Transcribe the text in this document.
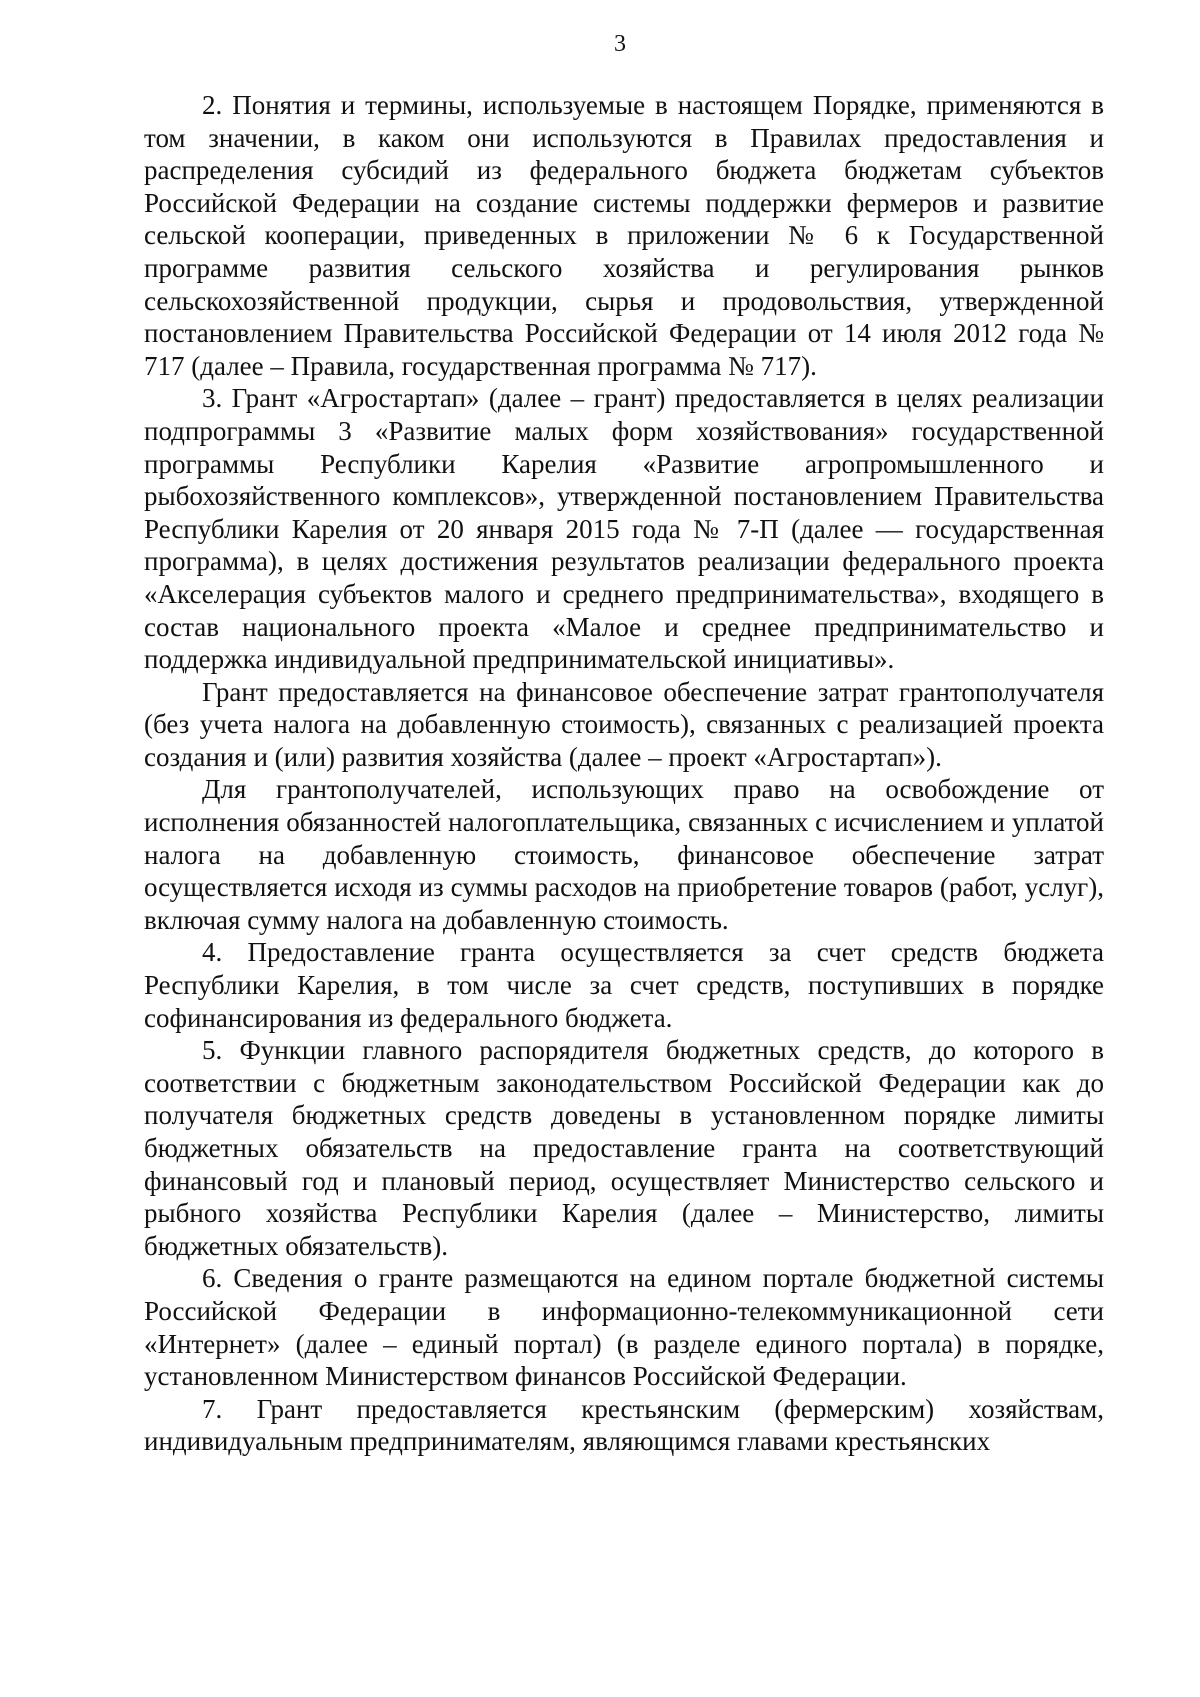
3

2. Понятия и термины, используемые в настоящем Порядке, применяются в том значении, в каком они используются в Правилах предоставления и распределения субсидий из федерального бюджета бюджетам субъектов Российской Федерации на создание системы поддержки фермеров и развитие сельской кооперации, приведенных в приложении № 6 к Государственной программе развития сельского хозяйства и регулирования рынков сельскохозяйственной продукции, сырья и продовольствия, утвержденной постановлением Правительства Российской Федерации от 14 июля 2012 года № 717 (далее – Правила, государственная программа № 717).

3. Грант «Агростартап» (далее – грант) предоставляется в целях реализации подпрограммы 3 «Развитие малых форм хозяйствования» государственной программы Республики Карелия «Развитие агропромышленного и рыбохозяйственного комплексов», утвержденной постановлением Правительства Республики Карелия от 20 января 2015 года № 7-П (далее — государственная программа), в целях достижения результатов реализации федерального проекта «Акселерация субъектов малого и среднего предпринимательства», входящего в состав национального проекта «Малое и среднее предпринимательство и поддержка индивидуальной предпринимательской инициативы».

Грант предоставляется на финансовое обеспечение затрат грантополучателя (без учета налога на добавленную стоимость), связанных с реализацией проекта создания и (или) развития хозяйства (далее – проект «Агростартап»).

Для грантополучателей, использующих право на освобождение от исполнения обязанностей налогоплательщика, связанных с исчислением и уплатой налога на добавленную стоимость, финансовое обеспечение затрат осуществляется исходя из суммы расходов на приобретение товаров (работ, услуг), включая сумму налога на добавленную стоимость.

4. Предоставление гранта осуществляется за счет средств бюджета Республики Карелия, в том числе за счет средств, поступивших в порядке софинансирования из федерального бюджета.

5. Функции главного распорядителя бюджетных средств, до которого в соответствии с бюджетным законодательством Российской Федерации как до получателя бюджетных средств доведены в установленном порядке лимиты бюджетных обязательств на предоставление гранта на соответствующий финансовый год и плановый период, осуществляет Министерство сельского и рыбного хозяйства Республики Карелия (далее – Министерство, лимиты бюджетных обязательств).

6. Сведения о гранте размещаются на едином портале бюджетной системы Российской Федерации в информационно-телекоммуникационной сети «Интернет» (далее – единый портал) (в разделе единого портала) в порядке, установленном Министерством финансов Российской Федерации.

7. Грант предоставляется крестьянским (фермерским) хозяйствам, индивидуальным предпринимателям, являющимся главами крестьянских
